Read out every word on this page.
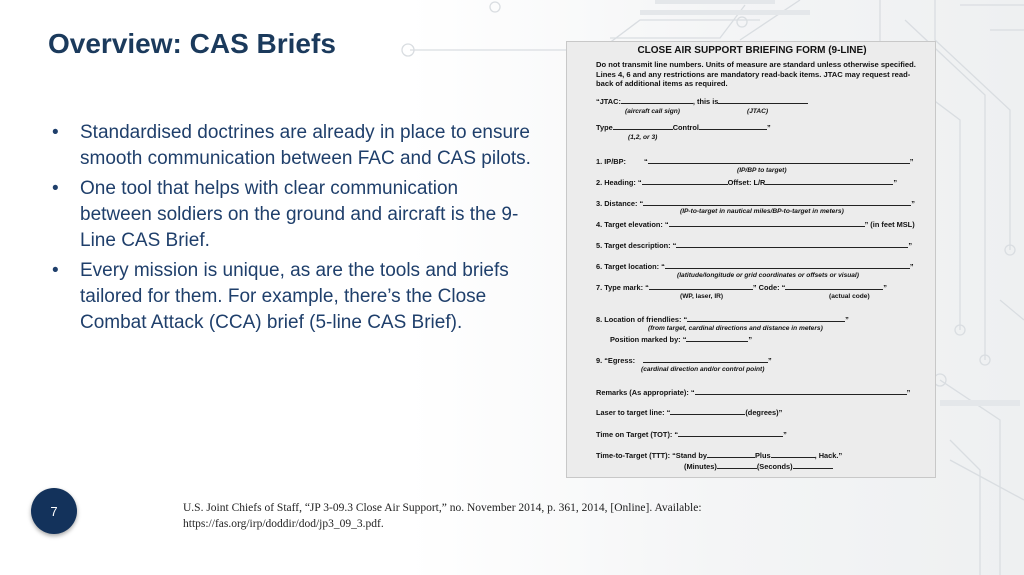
Overview: CAS Briefs
• Standardised doctrines are already in place to ensure smooth communication between FAC and CAS pilots.
• One tool that helps with clear communication between soldiers on the ground and aircraft is the 9-Line CAS Brief.
• Every mission is unique, as are the tools and briefs tailored for them. For example, there’s the Close Combat Attack (CCA) brief (5-line CAS Brief).
CLOSE AIR SUPPORT BRIEFING FORM (9-LINE)
Do not transmit line numbers. Units of measure are standard unless otherwise specified. Lines 4, 6 and any restrictions are mandatory read-back items. JTAC may request read-back of additional items as required.
“JTAC:	, this is
(aircraft call sign)	(JTAC)
Type	Control	”
(1,2, or 3)
1. IP/BP: “	”
(IP/BP to target)
2. Heading: “	Offset: L/R	”
3. Distance: “	”
(IP-to-target in nautical miles/BP-to-target in meters)
4. Target elevation: “	” (in feet MSL)
5. Target description: “	”
6. Target location: “	”
(latitude/longitude or grid coordinates or offsets or visual)
7. Type mark: “	” Code: “	”
(WP, laser, IR)	(actual code)
8. Location of friendlies: “	”
(from target, cardinal directions and distance in meters)
Position marked by: “	”
9. “Egress:	”
(cardinal direction and/or control point)
Remarks (As appropriate): “	”
Laser to target line: “	(degrees)”
Time on Target (TOT): “	”
Time-to-Target (TTT): “Stand by	Plus	, Hack.”
(Minutes)	(Seconds)
7	U.S. Joint Chiefs of Staff, “JP 3-09.3 Close Air Support,” no. November 2014, p. 361, 2014, [Online]. Available: https://fas.org/irp/doddir/dod/jp3_09_3.pdf.
